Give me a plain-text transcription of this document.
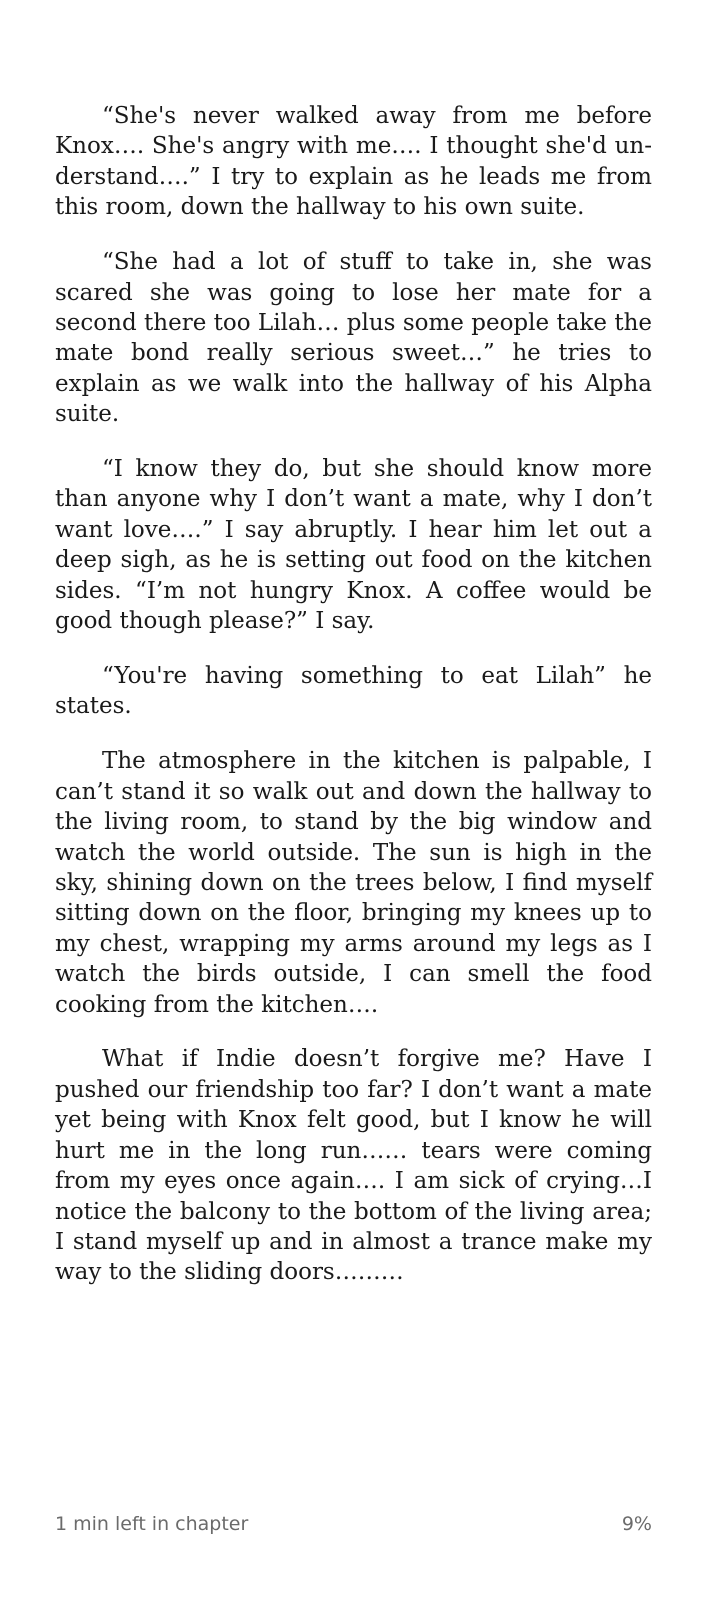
“She's never walked away from me before Knox…. She's angry with me…. I thought she'd understand….” I try to explain as he leads me from this room, down the hallway to his own suite.

“She had a lot of stuff to take in, she was scared she was going to lose her mate for a second there too Lilah… plus some people take the mate bond really serious sweet…” he tries to explain as we walk into the hallway of his Alpha suite.

“I know they do, but she should know more than anyone why I don’t want a mate, why I don’t want love….” I say abruptly. I hear him let out a deep sigh, as he is setting out food on the kitchen sides. “I’m not hungry Knox. A coffee would be good though please?” I say.

“You're having something to eat Lilah” he states.

The atmosphere in the kitchen is palpable, I can’t stand it so walk out and down the hallway to the living room, to stand by the big window and watch the world outside. The sun is high in the sky, shining down on the trees below, I find myself sitting down on the floor, bringing my knees up to my chest, wrapping my arms around my legs as I watch the birds outside, I can smell the food cooking from the kitchen….

What if Indie doesn’t forgive me? Have I pushed our friendship too far? I don’t want a mate yet being with Knox felt good, but I know he will hurt me in the long run…… tears were coming from my eyes once again…. I am sick of crying…I notice the balcony to the bottom of the living area; I stand myself up and in almost a trance make my way to the sliding doors………

1 min left in chapter	9%
